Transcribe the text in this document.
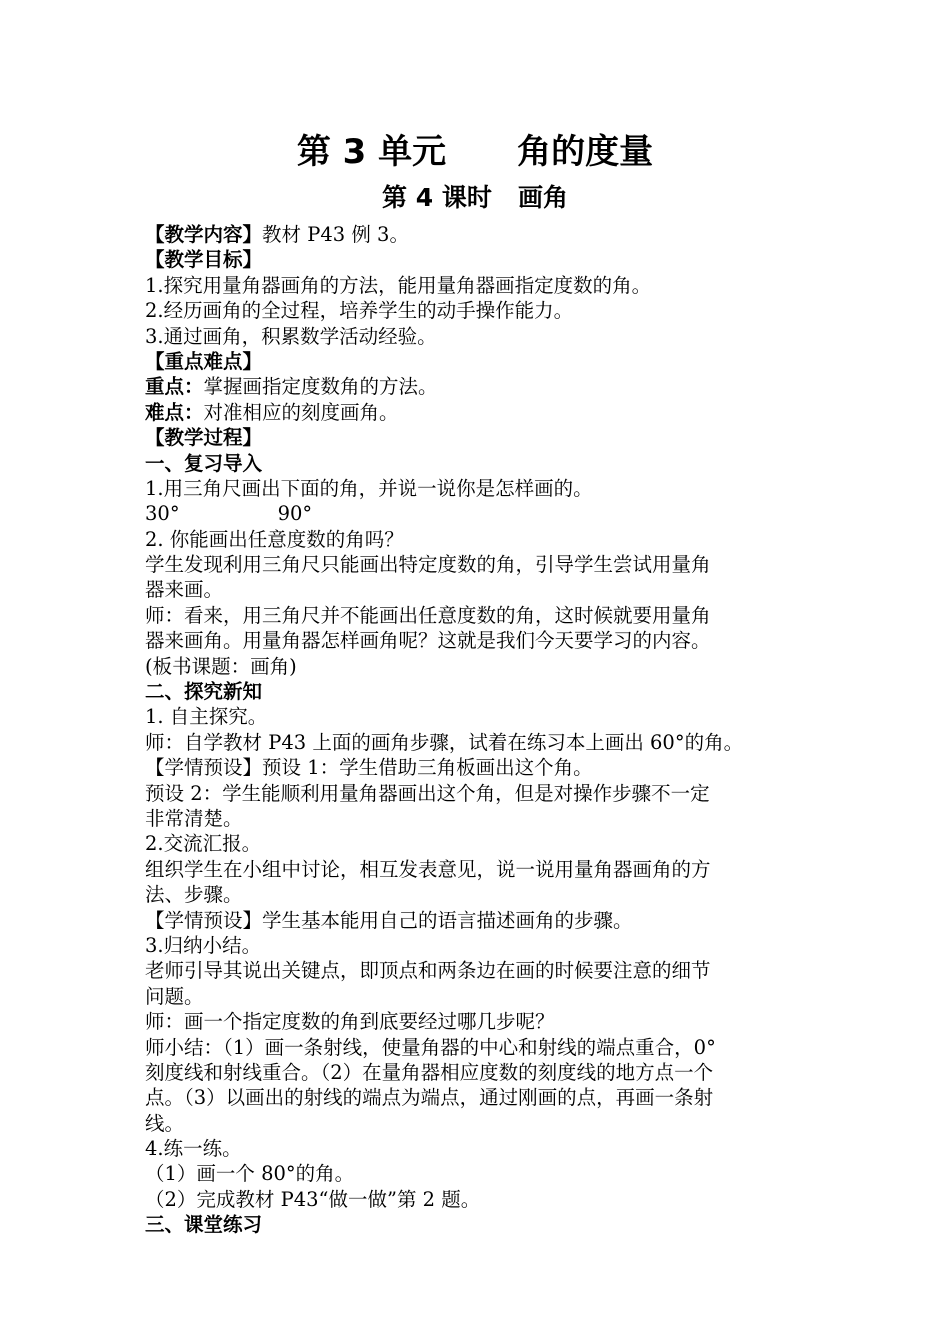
第 3 单元      角的度量
第 4 课时   画角
【教学内容】教材 P43 例 3。
【教学目标】
1.探究用量角器画角的方法，能用量角器画指定度数的角。
2.经历画角的全过程，培养学生的动手操作能力。
3.通过画角，积累数学活动经验。
【重点难点】
重点：掌握画指定度数角的方法。
难点：对准相应的刻度画角。
【教学过程】
一、复习导入
1.用三角尺画出下面的角，并说一说你是怎样画的。
30°	90°
2. 你能画出任意度数的角吗？
学生发现利用三角尺只能画出特定度数的角，引导学生尝试用量角
器来画。
师：看来，用三角尺并不能画出任意度数的角，这时候就要用量角
器来画角。用量角器怎样画角呢？这就是我们今天要学习的内容。
(板书课题：画角)
二、探究新知
1. 自主探究。
师：自学教材 P43 上面的画角步骤，试着在练习本上画出 60°的角。
【学情预设】预设 1：学生借助三角板画出这个角。
预设 2：学生能顺利用量角器画出这个角，但是对操作步骤不一定
非常清楚。
2.交流汇报。
组织学生在小组中讨论，相互发表意见，说一说用量角器画角的方
法、步骤。
【学情预设】学生基本能用自己的语言描述画角的步骤。
3.归纳小结。
老师引导其说出关键点，即顶点和两条边在画的时候要注意的细节
问题。
师：画一个指定度数的角到底要经过哪几步呢？
师小结：（1）画一条射线，使量角器的中心和射线的端点重合，0°
刻度线和射线重合。（2）在量角器相应度数的刻度线的地方点一个
点。（3）以画出的射线的端点为端点，通过刚画的点，再画一条射
线。
4.练一练。
（1）画一个 80°的角。
（2）完成教材 P43“做一做”第 2 题。
三、课堂练习
